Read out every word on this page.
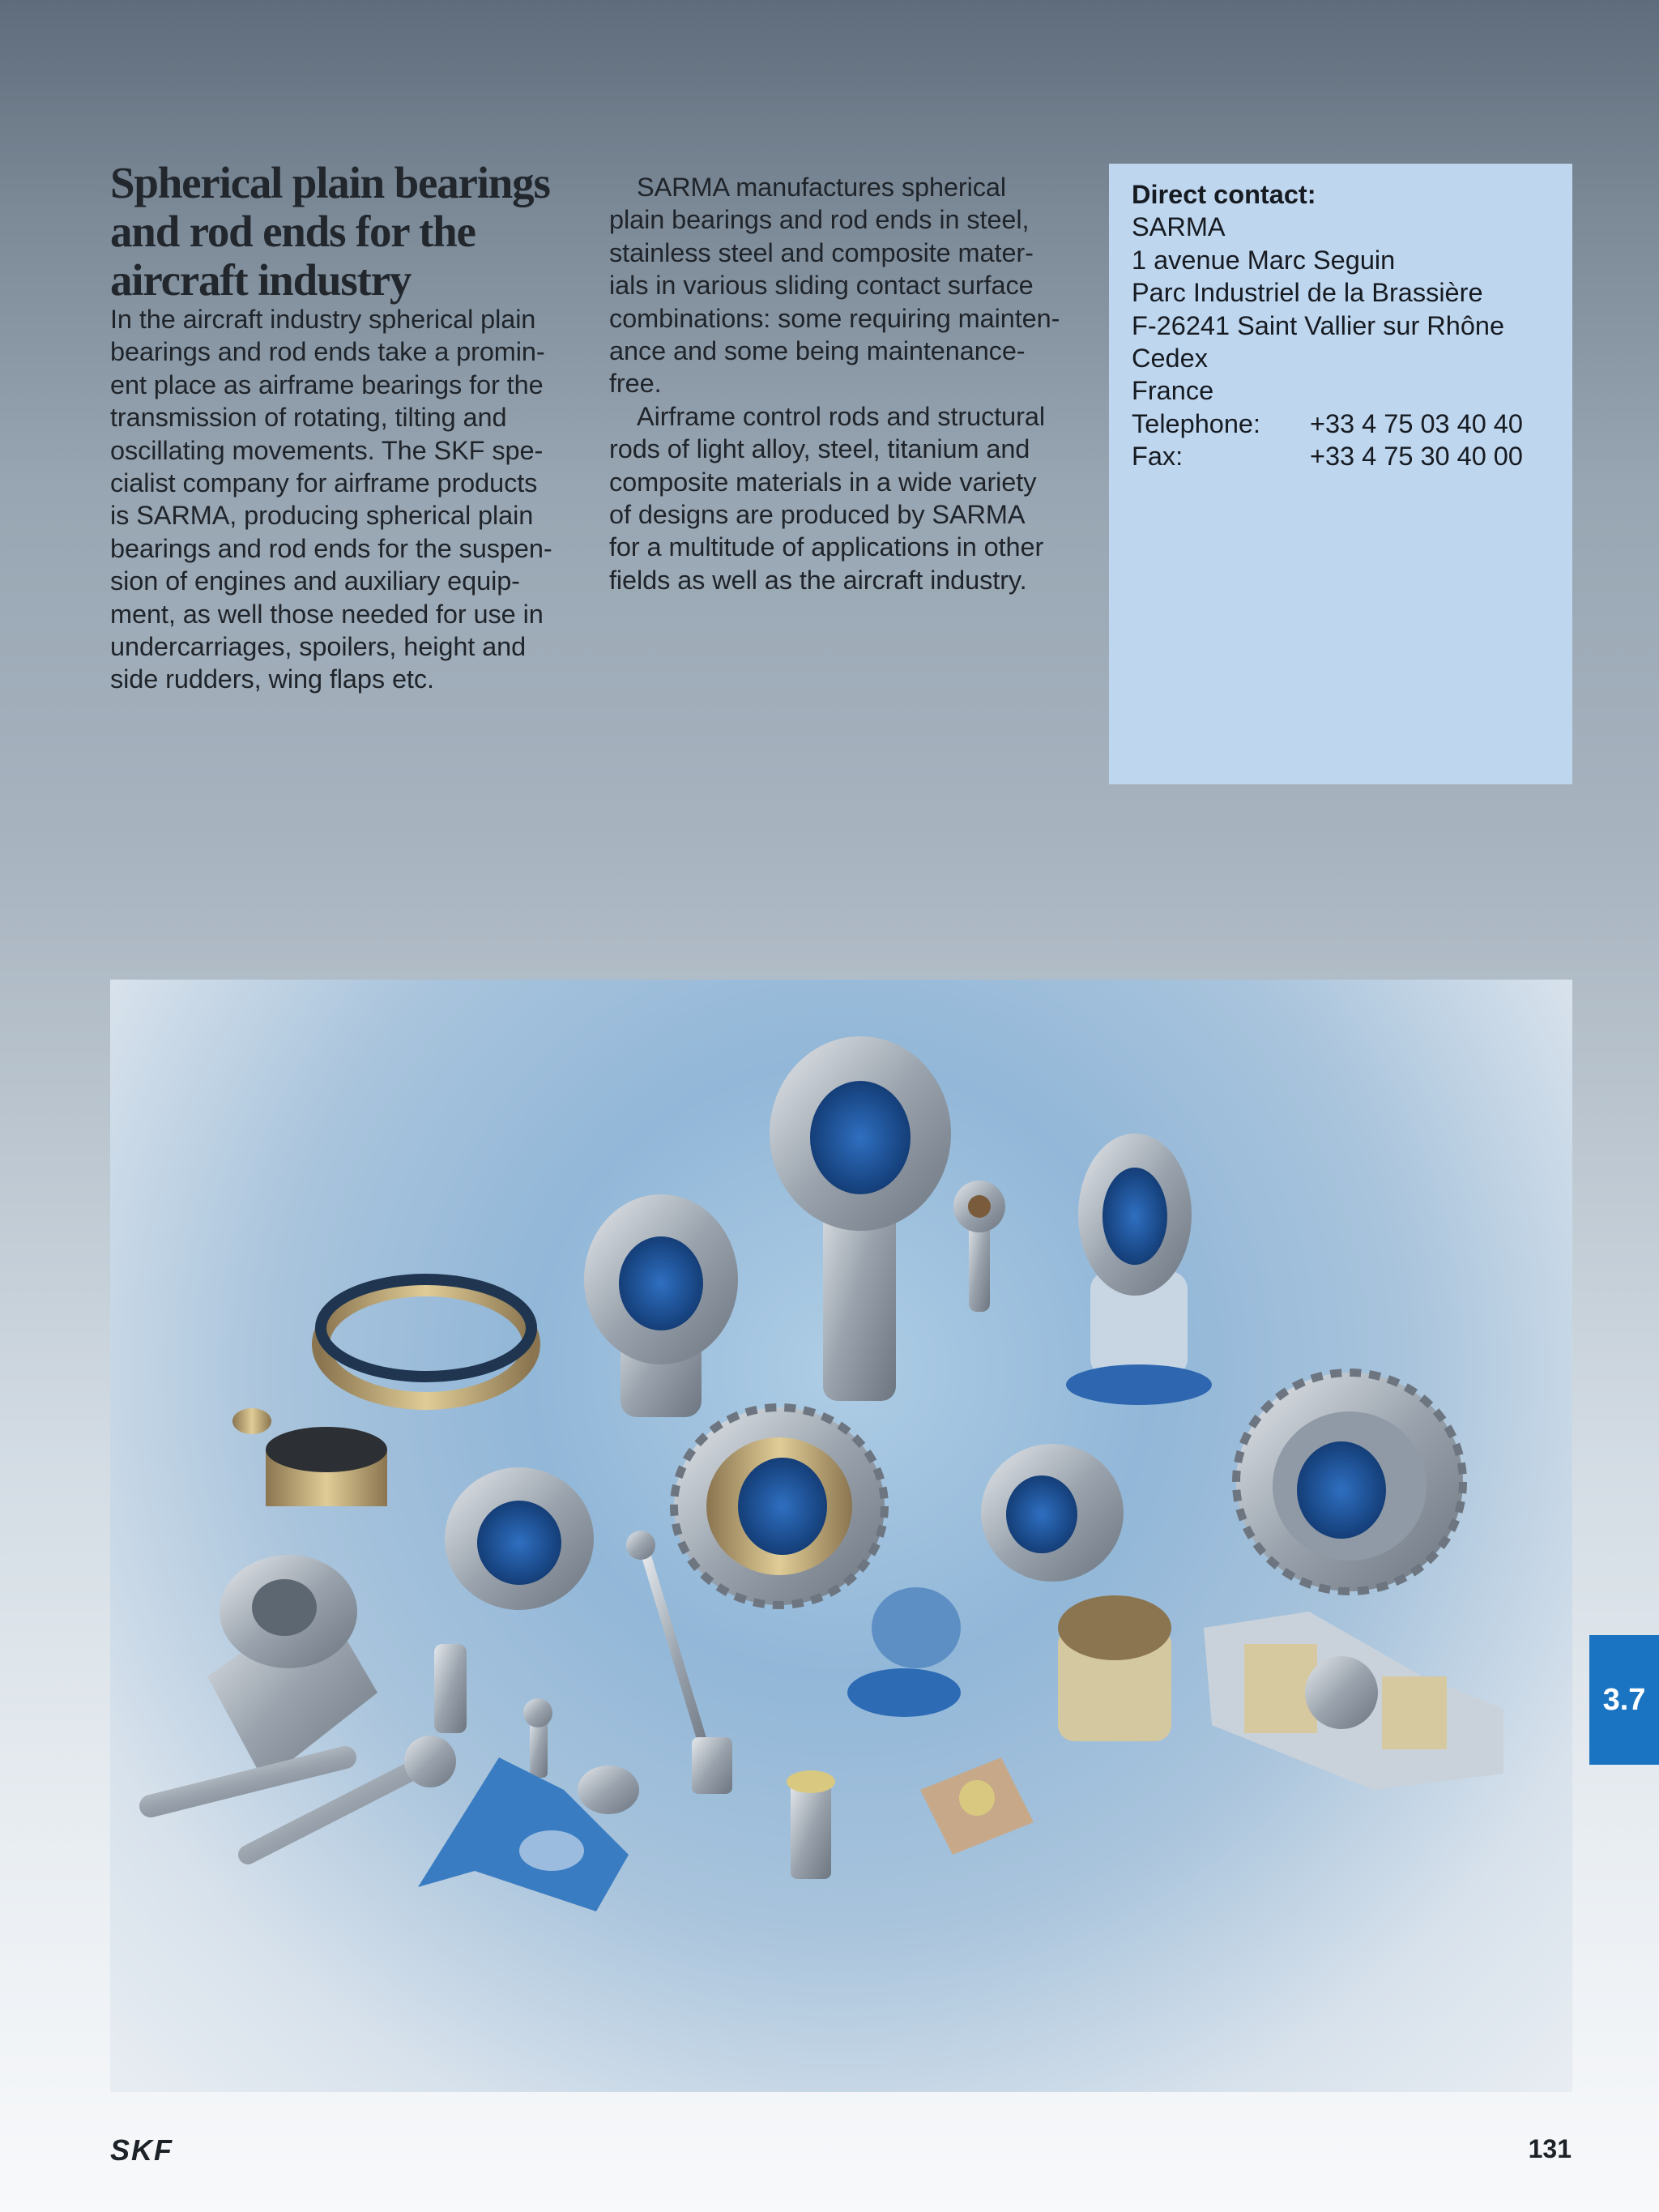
Spherical plain bearings
and rod ends for the
aircraft industry
In the aircraft industry spherical plain
bearings and rod ends take a promin-
ent place as airframe bearings for the
transmission of rotating, tilting and
oscillating movements. The SKF spe-
cialist company for airframe products
is SARMA, producing spherical plain
bearings and rod ends for the suspen-
sion of engines and auxiliary equip-
ment, as well those needed for use in
undercarriages, spoilers, height and
side rudders, wing flaps etc.

SARMA manufactures spherical
plain bearings and rod ends in steel,
stainless steel and composite mater-
ials in various sliding contact surface
combinations: some requiring mainten-
ance and some being maintenance-
free.

Airframe control rods and structural
rods of light alloy, steel, titanium and
composite materials in a wide variety
of designs are produced by SARMA
for a multitude of applications in other
fields as well as the aircraft industry.

Direct contact:
SARMA
1 avenue Marc Seguin
Parc Industriel de la Brassière
F-26241 Saint Vallier sur Rhône
Cedex
France
Telephone:	+33 4 75 03 40 40
Fax:	+33 4 75 30 40 00
3.7
SKF	131
